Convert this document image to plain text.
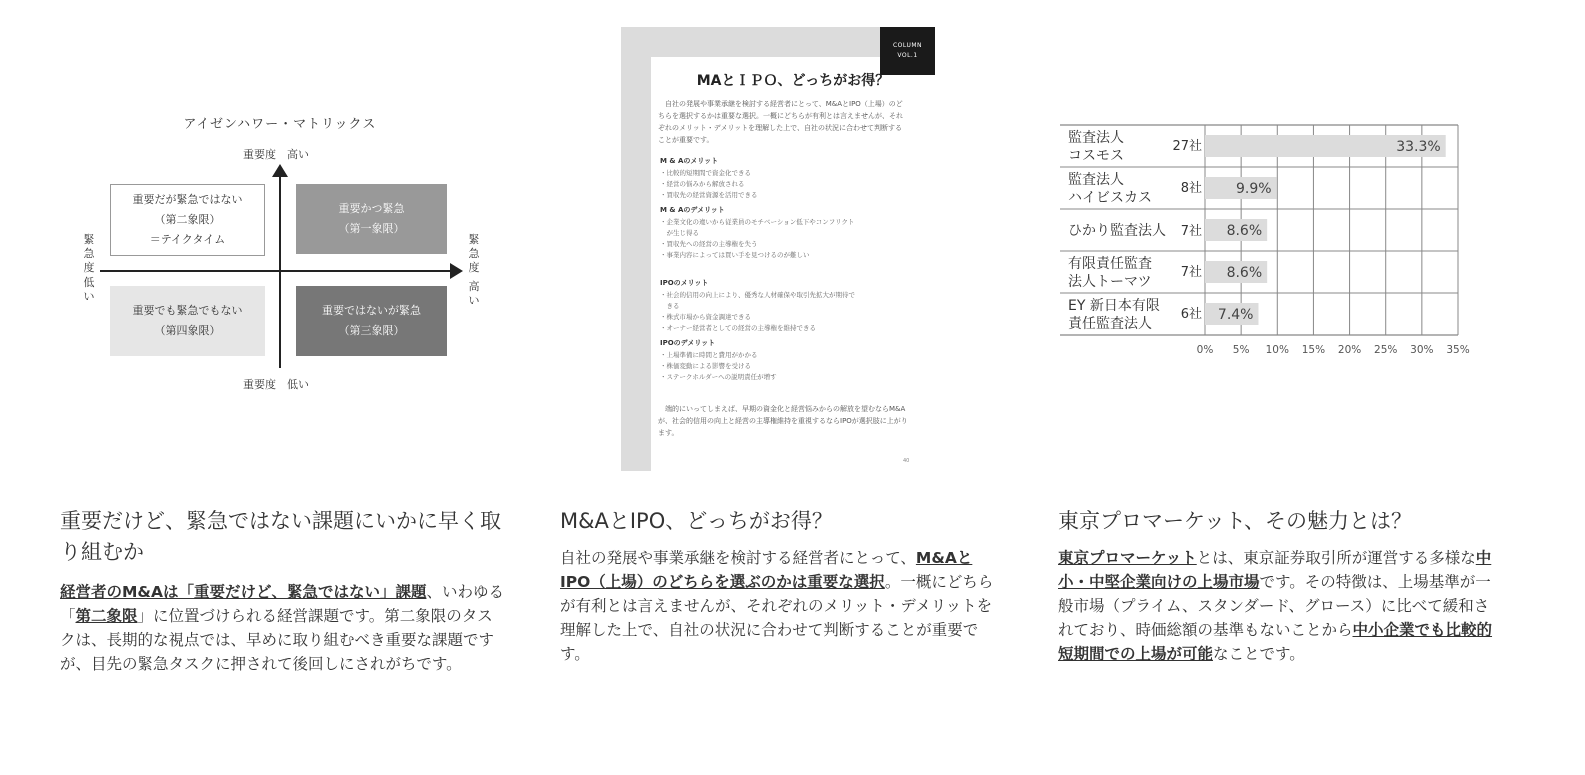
アイゼンハワー・マトリックス
重要度　高い
重要度　低い
緊
急
度
低
い
緊
急
度
高
い
重要だが緊急ではない
（第二象限）
＝テイクタイム
重要かつ緊急
（第一象限）
重要でも緊急でもない
（第四象限）
重要ではないが緊急
（第三象限）
COLUMN
VOL.1
MAとＩＰＯ、どっちがお得？
自社の発展や事業承継を検討する経営者にとって、M&AとIPO（上場）のどちらを選択するかは重要な選択。一概にどちらが有利とは言えませんが、それぞれのメリット・デメリットを理解した上で、自社の状況に合わせて判断することが重要です。
M & Aのメリット
・比較的短期間で資金化できる
・経営の悩みから解放される
・買収先の経営資源を活用できる
M & Aのデメリット
・企業文化の違いから従業員のモチベーション低下やコンフリクト
　が生じ得る
・買収先への経営の主導権を失う
・事業内容によっては買い手を見つけるのが難しい
IPOのメリット
・社会的信用の向上により、優秀な人材確保や取引先拡大が期待で
　きる
・株式市場から資金調達できる
・オーナー経営者としての経営の主導権を維持できる
IPOのデメリット
・上場準備に時間と費用がかかる
・株価変動による影響を受ける
・ステークホルダーへの説明責任が増す
端的にいってしまえば、早期の資金化と経営悩みからの解放を望むならM&Aが、社会的信用の向上と経営の主導権維持を重視するならIPOが選択肢に上がります。
40
0% 5% 10% 15% 20% 25% 30% 35%
監査法人
コスモス
27社	33.3%
監査法人
ハイビスカス
8社 9.9%
ひかり監査法人 7社 8.6%
有限責任監査
法人トーマツ
7社 8.6%
EY 新日本有限
責任監査法人
6社 7.4%
重要だけど、緊急ではない課題にいかに早く取り組むか
経営者のM&Aは「重要だけど、緊急ではない」課題、いわゆる「第二象限」に位置づけられる経営課題です。第二象限のタスクは、長期的な視点では、早めに取り組むべき重要な課題ですが、目先の緊急タスクに押されて後回しにされがちです。
M&AとIPO、どっちがお得？
自社の発展や事業承継を検討する経営者にとって、M&AとIPO（上場）のどちらを選ぶのかは重要な選択。一概にどちらが有利とは言えませんが、それぞれのメリット・デメリットを理解した上で、自社の状況に合わせて判断することが重要です。
東京プロマーケット、その魅力とは？
東京プロマーケットとは、東京証券取引所が運営する多様な中小・中堅企業向けの上場市場です。その特徴は、上場基準が一般市場（プライム、スタンダード、グロース）に比べて緩和されており、時価総額の基準もないことから中小企業でも比較的短期間での上場が可能なことです。
